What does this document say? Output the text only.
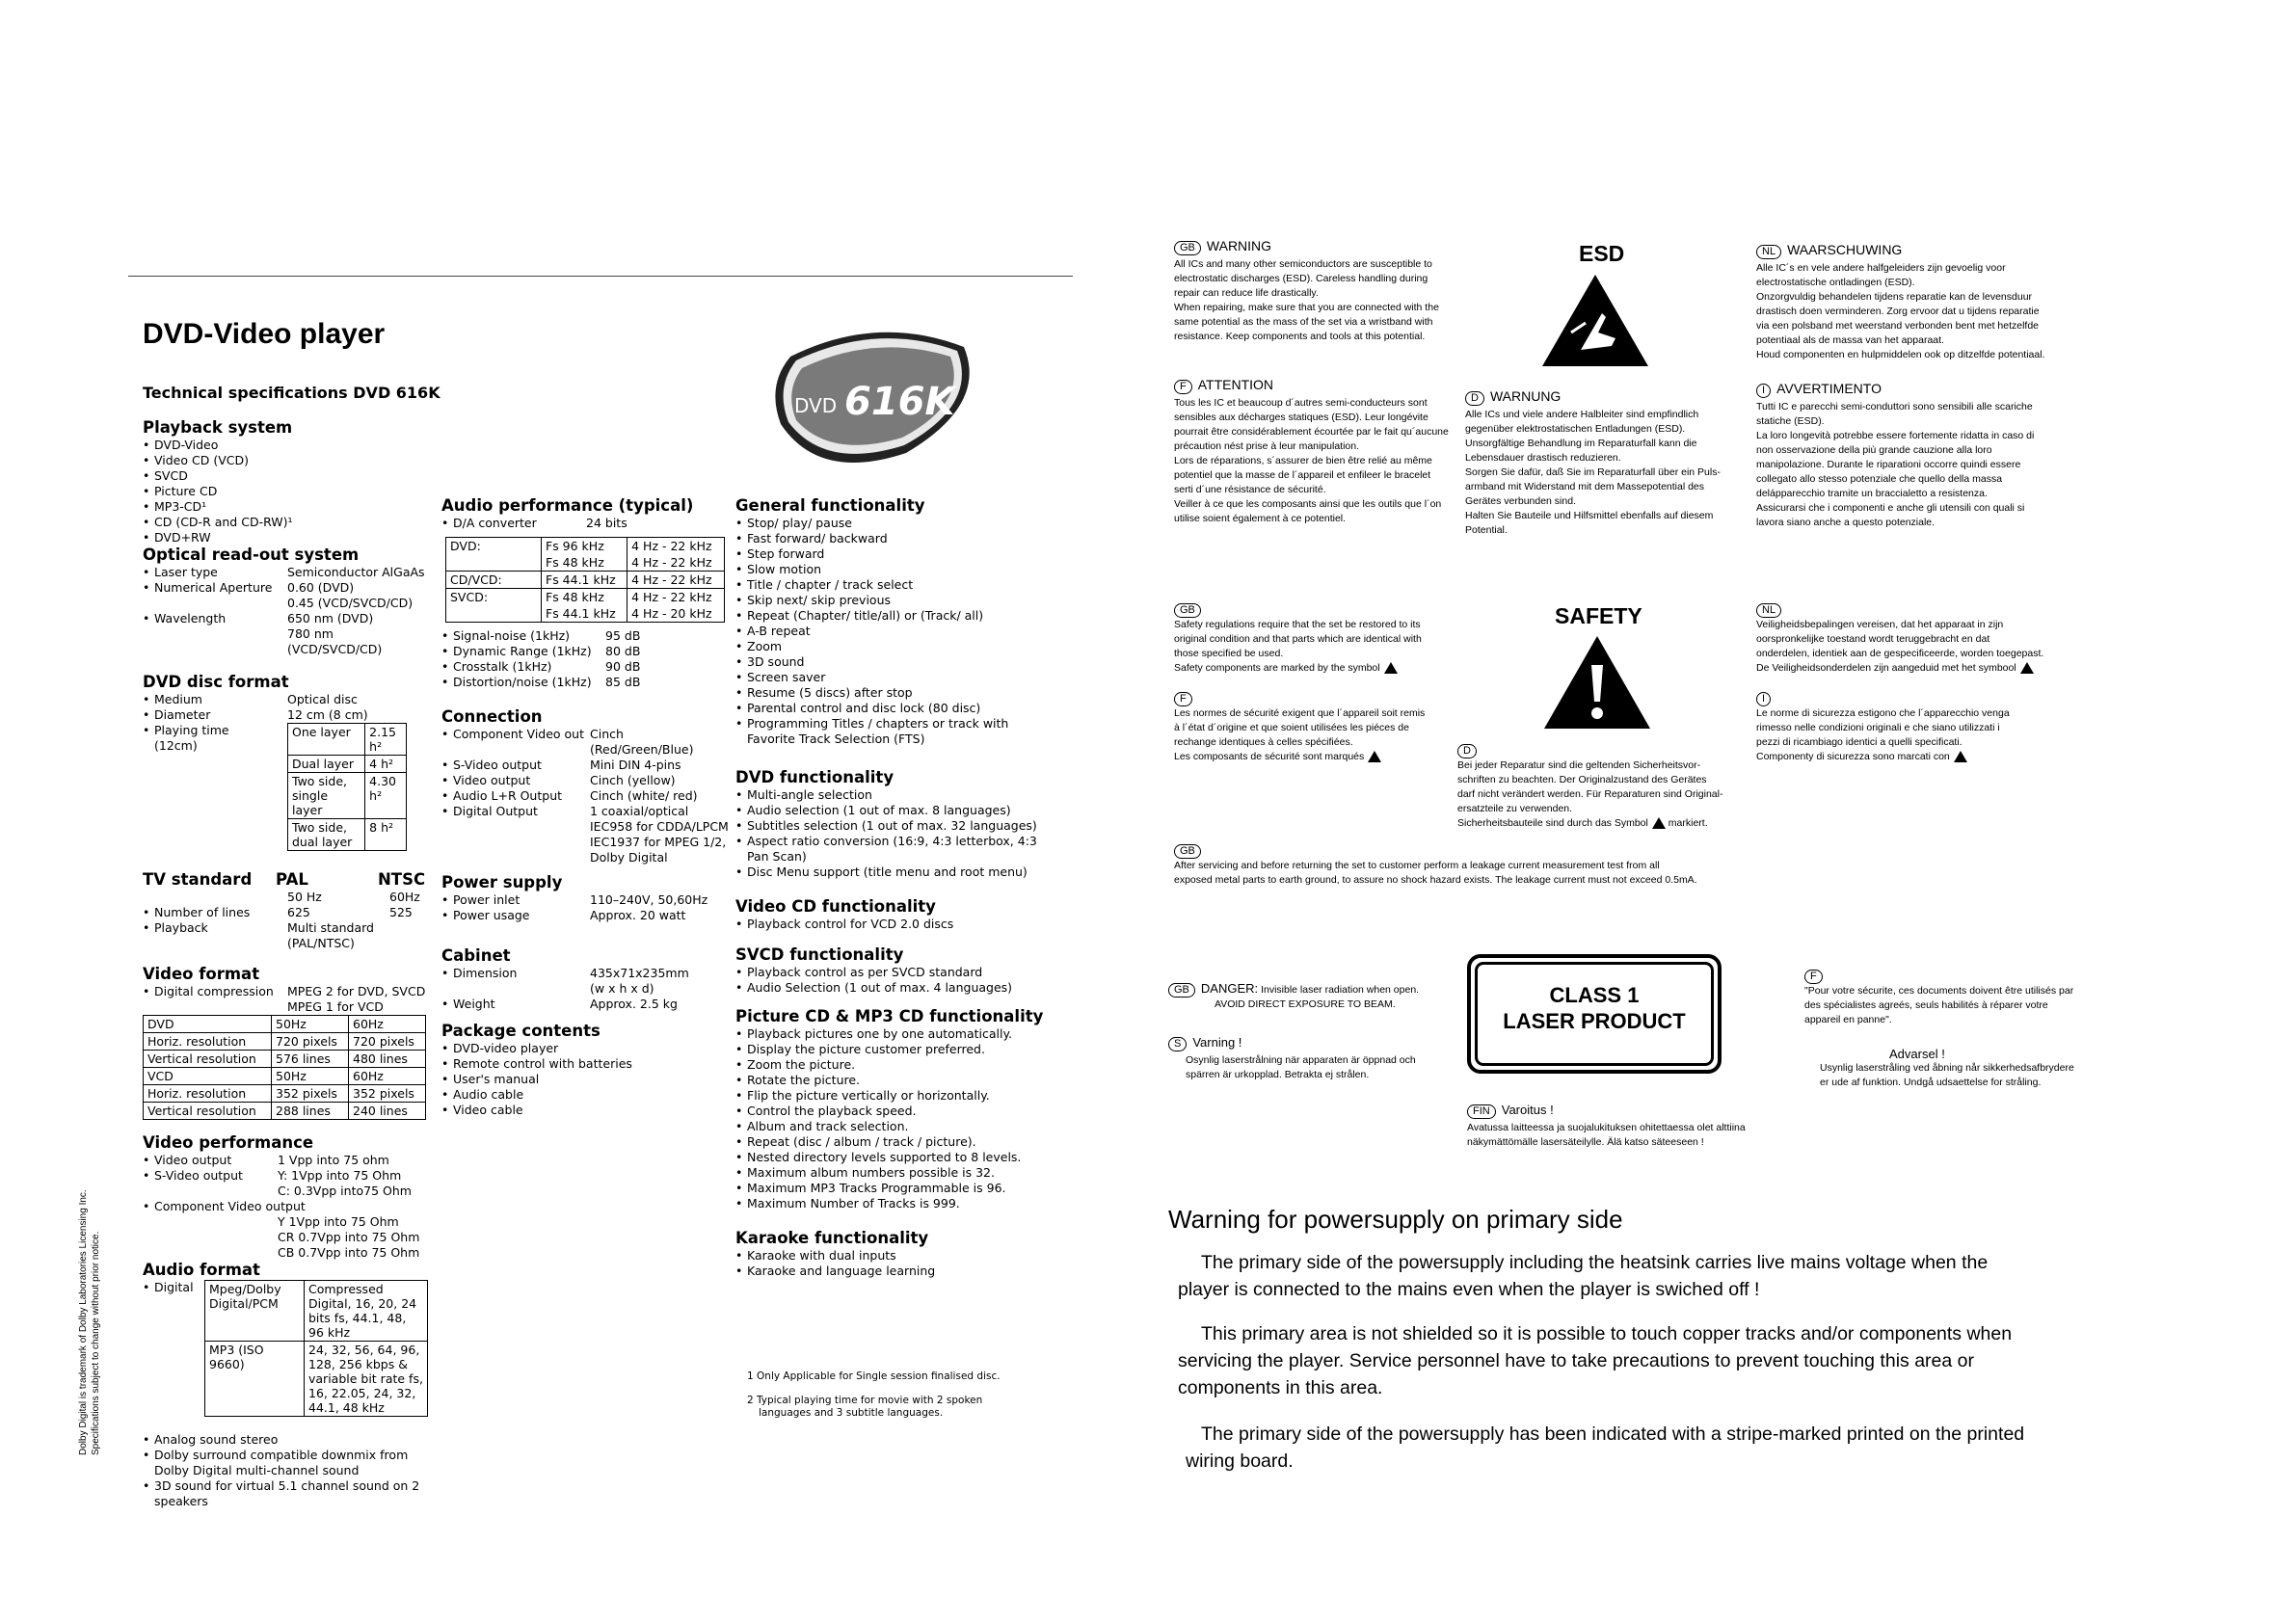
DVD-Video player
Technical specifications DVD 616K
DVD 616K
Playback system
• DVD-Video
• Video CD (VCD)
• SVCD
• Picture CD
• MP3-CD¹
• CD (CD-R and CD-RW)¹
• DVD+RW
Optical read-out system
• Laser type	Semiconductor AlGaAs
• Numerical Aperture	0.60 (DVD)
0.45 (VCD/SVCD/CD)
• Wavelength	650 nm (DVD)
780 nm (VCD/SVCD/CD)
DVD disc format
• Medium	Optical disc
• Diameter	12 cm (8 cm)
• Playing time
(12cm)
One layer	2.15 h²
Dual layer	4 h²
Two side, single layer	4.30 h²
Two side, dual layer	8 h²
TV standard	PAL	NTSC
50 Hz	60Hz
• Number of lines	625	525
• Playback	Multi standard (PAL/NTSC)
Video format
• Digital compression	MPEG 2 for DVD, SVCD
MPEG 1 for VCD
DVD	50Hz	60Hz
Horiz. resolution	720 pixels	720 pixels
Vertical resolution	576 lines	480 lines
VCD	50Hz	60Hz
Horiz. resolution	352 pixels	352 pixels
Vertical resolution	288 lines	240 lines
Video performance
• Video output	1 Vpp into 75 ohm
• S-Video output	Y: 1Vpp into 75 Ohm
C: 0.3Vpp into75 Ohm
• Component Video output
Y 1Vpp into 75 Ohm
CR 0.7Vpp into 75 Ohm
CB 0.7Vpp into 75 Ohm
Audio format
• Digital	Mpeg/Dolby Digital/PCM	Compressed Digital, 16, 20, 24 bits fs, 44.1, 48, 96 kHz
MP3 (ISO 9660)	24, 32, 56, 64, 96, 128, 256 kbps & variable bit rate fs, 16, 22.05, 24, 32, 44.1, 48 kHz
• Analog sound stereo
• Dolby surround compatible downmix from Dolby Digital multi-channel sound
• 3D sound for virtual 5.1 channel sound on 2 speakers
Dolby Digital is trademark of Dolby Laboratories Licensing Inc. Specifications subject to change without prior notice.
Audio performance (typical)
• D/A converter	24 bits
DVD:	Fs 96 kHz	4 Hz - 22 kHz
	Fs 48 kHz	4 Hz - 22 kHz
CD/VCD:	Fs 44.1 kHz	4 Hz - 22 kHz
SVCD:	Fs 48 kHz	4 Hz - 22 kHz
	Fs 44.1 kHz	4 Hz - 20 kHz
• Signal-noise (1kHz)	95 dB
• Dynamic Range (1kHz)	80 dB
• Crosstalk (1kHz)	90 dB
• Distortion/noise (1kHz)	85 dB
Connection
• Component Video out Cinch (Red/Green/Blue)
• S-Video output	Mini DIN 4-pins
• Video output	Cinch (yellow)
• Audio L+R Output	Cinch (white/ red)
• Digital Output	1 coaxial/optical
IEC958 for CDDA/LPCM
IEC1937 for MPEG 1/2,
Dolby Digital
Power supply
• Power inlet	110–240V, 50,60Hz
• Power usage	Approx. 20 watt
Cabinet
• Dimension	435x71x235mm
(w x h x d)
• Weight	Approx. 2.5 kg
Package contents
• DVD-video player
• Remote control with batteries
• User's manual
• Audio cable
• Video cable
General functionality
• Stop/ play/ pause
• Fast forward/ backward
• Step forward
• Slow motion
• Title / chapter / track select
• Skip next/ skip previous
• Repeat (Chapter/ title/all) or (Track/ all)
• A-B repeat
• Zoom
• 3D sound
• Screen saver
• Resume (5 discs) after stop
• Parental control and disc lock (80 disc)
• Programming Titles / chapters or track with Favorite Track Selection (FTS)
DVD functionality
• Multi-angle selection
• Audio selection (1 out of max. 8 languages)
• Subtitles selection (1 out of max. 32 languages)
• Aspect ratio conversion (16:9, 4:3 letterbox, 4:3 Pan Scan)
• Disc Menu support (title menu and root menu)
Video CD functionality
• Playback control for VCD 2.0 discs
SVCD functionality
• Playback control as per SVCD standard
• Audio Selection (1 out of max. 4 languages)
Picture CD & MP3 CD functionality
• Playback pictures one by one automatically.
• Display the picture customer preferred.
• Zoom the picture.
• Rotate the picture.
• Flip the picture vertically or horizontally.
• Control the playback speed.
• Album and track selection.
• Repeat (disc / album / track / picture).
• Nested directory levels supported to 8 levels.
• Maximum album numbers possible is 32.
• Maximum MP3 Tracks Programmable is 96.
• Maximum Number of Tracks is 999.
Karaoke functionality
• Karaoke with dual inputs
• Karaoke and language learning
1 Only Applicable for Single session finalised disc.
2 Typical playing time for movie with 2 spoken languages and 3 subtitle languages.
GB WARNING
All ICs and many other semiconductors are susceptible to
electrostatic discharges (ESD). Careless handling during
repair can reduce life drastically.
When repairing, make sure that you are connected with the
same potential as the mass of the set via a wristband with
resistance. Keep components and tools at this potential.
ESD	NL WAARSCHUWING
Alle IC´s en vele andere halfgeleiders zijn gevoelig voor
electrostatische ontladingen (ESD).
Onzorgvuldig behandelen tijdens reparatie kan de levensduur
drastisch doen verminderen. Zorg ervoor dat u tijdens reparatie
via een polsband met weerstand verbonden bent met hetzelfde
potentiaal als de massa van het apparaat.
Houd componenten en hulpmiddelen ook op ditzelfde potentiaal.
F ATTENTION
Tous les IC et beaucoup d´autres semi-conducteurs sont
sensibles aux décharges statiques (ESD). Leur longévite
pourrait être considérablement écourtée par le fait qu´aucune
précaution nést prise à leur manipulation.
Lors de réparations, s´assurer de bien être relié au même
potentiel que la masse de l´appareil et enfileer le bracelet
serti d´une résistance de sécurité.
Veiller à ce que les composants ainsi que les outils que l´on
utilise soient également à ce potentiel.
D WARNUNG
Alle ICs und viele andere Halbleiter sind empfindlich
gegenüber elektrostatischen Entladungen (ESD).
Unsorgfältige Behandlung im Reparaturfall kann die
Lebensdauer drastisch reduzieren.
Sorgen Sie dafür, daß Sie im Reparaturfall über ein Puls-
armband mit Widerstand mit dem Massepotential des
Gerätes verbunden sind.
Halten Sie Bauteile und Hilfsmittel ebenfalls auf diesem
Potential.
I AVVERTIMENTO
Tutti IC e parecchi semi-conduttori sono sensibili alle scariche
statiche (ESD).
La loro longevità potrebbe essere fortemente ridatta in caso di
non osservazione della più grande cauzione alla loro
manipolazione. Durante le riparationi occorre quindi essere
collegato allo stesso potenziale che quello della massa
delápparecchio tramite un braccialetto a resistenza.
Assicurarsi che i componenti e anche gli utensili con quali si
lavora siano anche a questo potenziale.
SAFETY
GB
Safety regulations require that the set be restored to its
original condition and that parts which are identical with
those specified be used.
Safety components are marked by the symbol
F
Les normes de sécurité exigent que l´appareil soit remis
à l´état d´origine et que soient utilisées les piéces de
rechange identiques à celles spécifiées.
Les composants de sécurité sont marqués
NL
Veiligheidsbepalingen vereisen, dat het apparaat in zijn
oorspronkelijke toestand wordt teruggebracht en dat
onderdelen, identiek aan de gespecificeerde, worden toegepast.
De Veiligheidsonderdelen zijn aangeduid met het symbool
I
Le norme di sicurezza estigono che l´apparecchio venga
rimesso nelle condizioni originali e che siano utilizzati i
pezzi di ricambiago identici a quelli specificati.
Componenty di sicurezza sono marcati con
D
Bei jeder Reparatur sind die geltenden Sicherheitsvor-
schriften zu beachten. Der Originalzustand des Gerätes
darf nicht verändert werden. Für Reparaturen sind Original-
ersatzteile zu verwenden.
Sicherheitsbauteile sind durch das Symbol markiert.
GB
After servicing and before returning the set to customer perform a leakage current measurement test from all
exposed metal parts to earth ground, to assure no shock hazard exists. The leakage current must not exceed 0.5mA.
GB DANGER: Invisible laser radiation when open.
AVOID DIRECT EXPOSURE TO BEAM.
S Varning !
Osynlig laserstrålning när apparaten är öppnad och
spärren är urkopplad. Betrakta ej strålen.
CLASS 1
LASER PRODUCT
FIN Varoitus !
Avatussa laitteessa ja suojalukituksen ohitettaessa olet alttiina
näkymättömälle lasersäteilylle. Älä katso säteeseen !
F
"Pour votre sécurite, ces documents doivent être utilisés par
des spécialistes agreés, seuls habilités à réparer votre
appareil en panne".
Advarsel !
Usynlig laserstråling ved åbning når sikkerhedsafbrydere
er ude af funktion. Undgå udsaettelse for stråling.
Warning for powersupply on primary side
The primary side of the powersupply including the heatsink carries live mains voltage when the
player is connected to the mains even when the player is swiched off !
This primary area is not shielded so it is possible to touch copper tracks and/or components when
servicing the player. Service personnel have to take precautions to prevent touching this area or
components in this area.
The primary side of the powersupply has been indicated with a stripe-marked printed on the printed
wiring board.
